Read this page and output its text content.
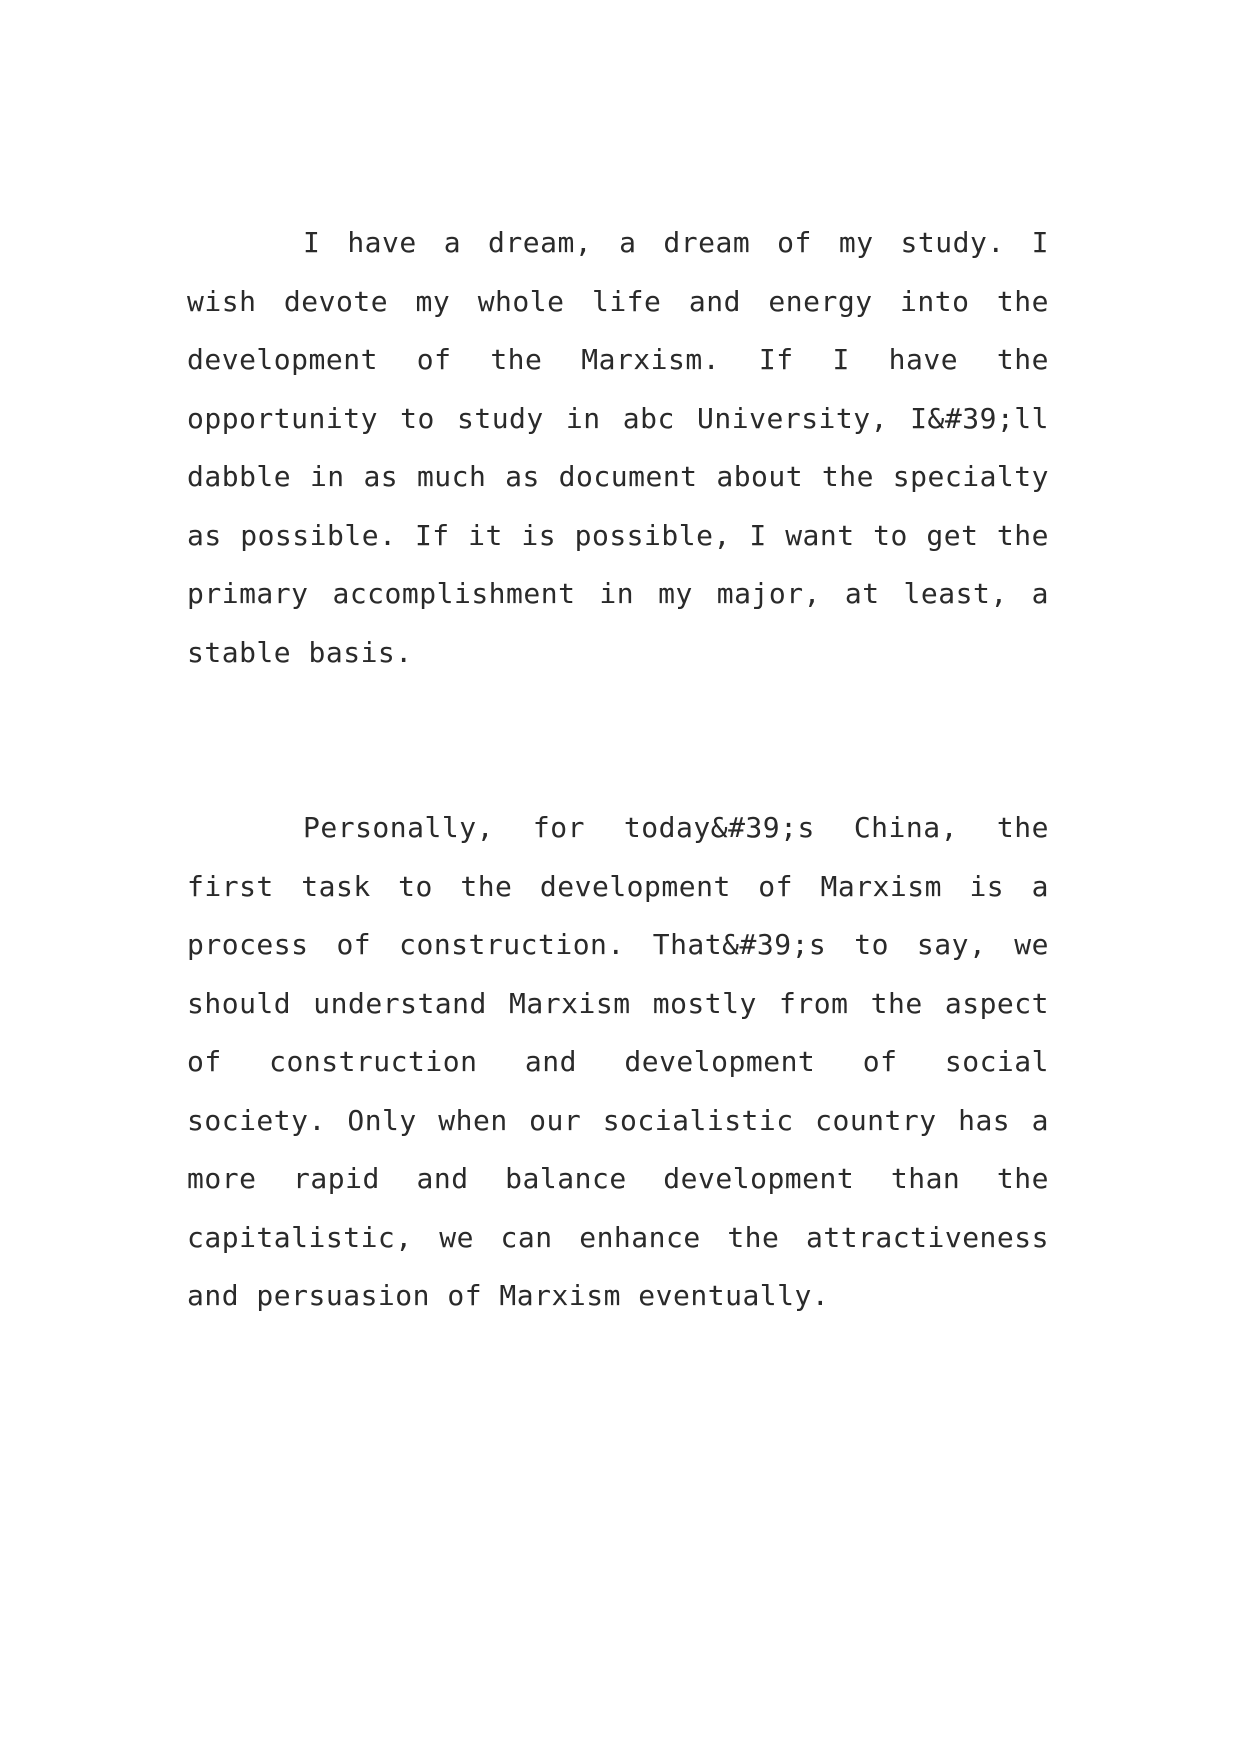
I have a dream, a dream of my study. I wish devote my whole life and energy into the development of the Marxism. If I have the opportunity to study in abc University, I&#39;ll dabble in as much as document about the specialty as possible. If it is possible, I want to get the primary accomplishment in my major, at least, a stable basis.

Personally, for today&#39;s China, the first task to the development of Marxism is a process of construction. That&#39;s to say, we should understand Marxism mostly from the aspect of construction and development of social society. Only when our socialistic country has a more rapid and balance development than the capitalistic, we can enhance the attractiveness and persuasion of Marxism eventually.
